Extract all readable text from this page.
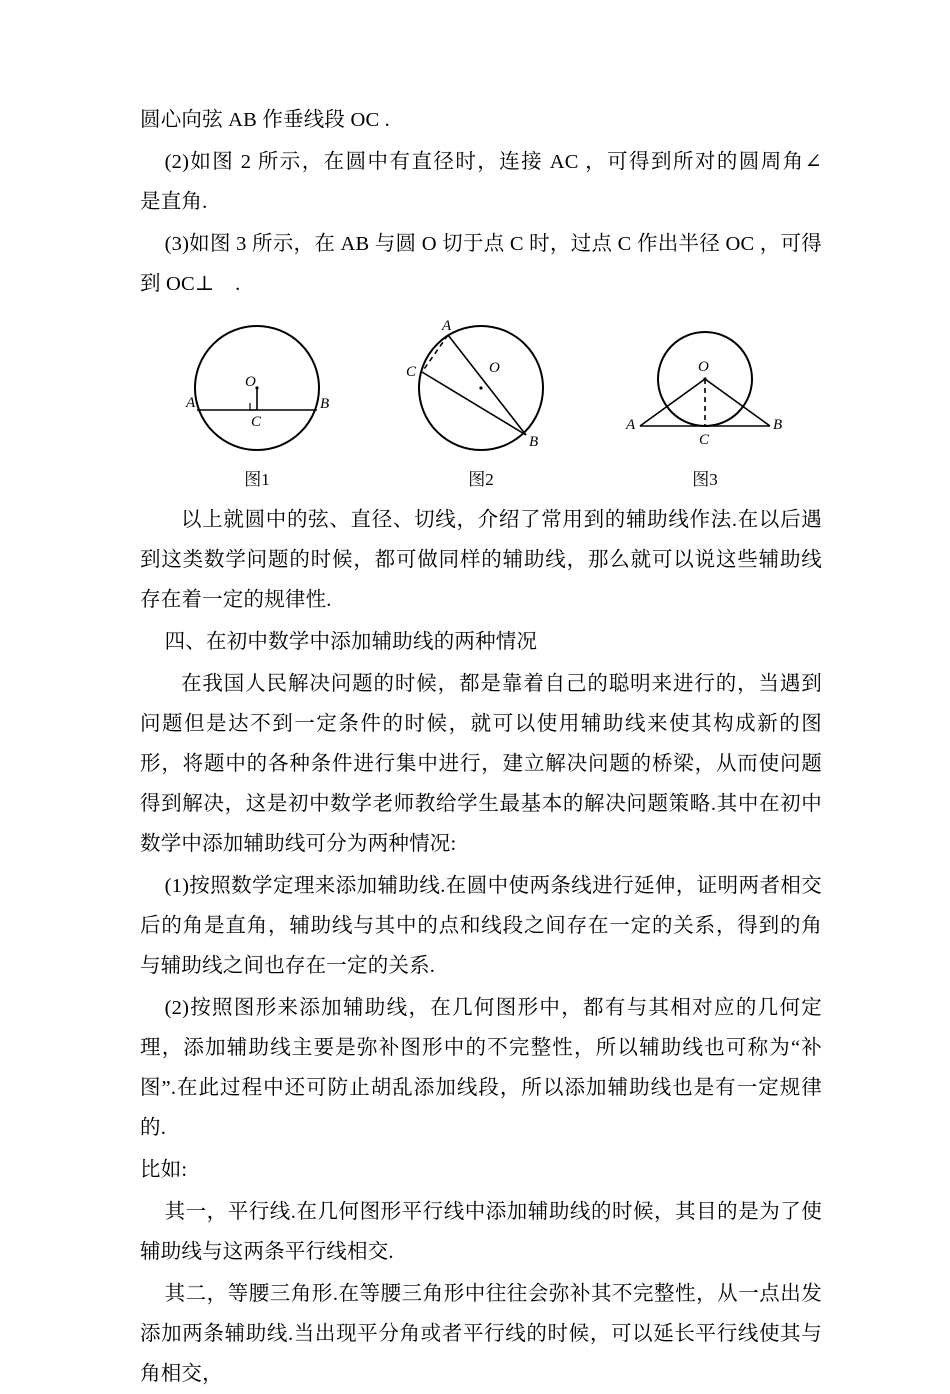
圆心向弦 AB 作垂线段 OC .

(2)如图 2 所示，在圆中有直径时，连接 AC ，可得到所对的圆周角∠　是直角.

(3)如图 3 所示，在 AB 与圆 O 切于点 C 时，过点 C 作出半径 OC ，可得到 OC⊥　.

O
A
C
B
图1
A
O
C
B
图2
O
A
C
B
图3

以上就圆中的弦、直径、切线，介绍了常用到的辅助线作法.在以后遇到这类数学问题的时候，都可做同样的辅助线，那么就可以说这些辅助线存在着一定的规律性.

四、在初中数学中添加辅助线的两种情况

在我国人民解决问题的时候，都是靠着自己的聪明来进行的，当遇到问题但是达不到一定条件的时候，就可以使用辅助线来使其构成新的图形，将题中的各种条件进行集中进行，建立解决问题的桥梁，从而使问题得到解决，这是初中数学老师教给学生最基本的解决问题策略.其中在初中数学中添加辅助线可分为两种情况:

(1)按照数学定理来添加辅助线.在圆中使两条线进行延伸，证明两者相交后的角是直角，辅助线与其中的点和线段之间存在一定的关系，得到的角与辅助线之间也存在一定的关系.

(2)按照图形来添加辅助线，在几何图形中，都有与其相对应的几何定理，添加辅助线主要是弥补图形中的不完整性，所以辅助线也可称为“补图”.在此过程中还可防止胡乱添加线段，所以添加辅助线也是有一定规律的.

比如:

其一，平行线.在几何图形平行线中添加辅助线的时候，其目的是为了使辅助线与这两条平行线相交.

其二，等腰三角形.在等腰三角形中往往会弥补其不完整性，从一点出发添加两条辅助线.当出现平分角或者平行线的时候，可以延长平行线使其与角相交，
